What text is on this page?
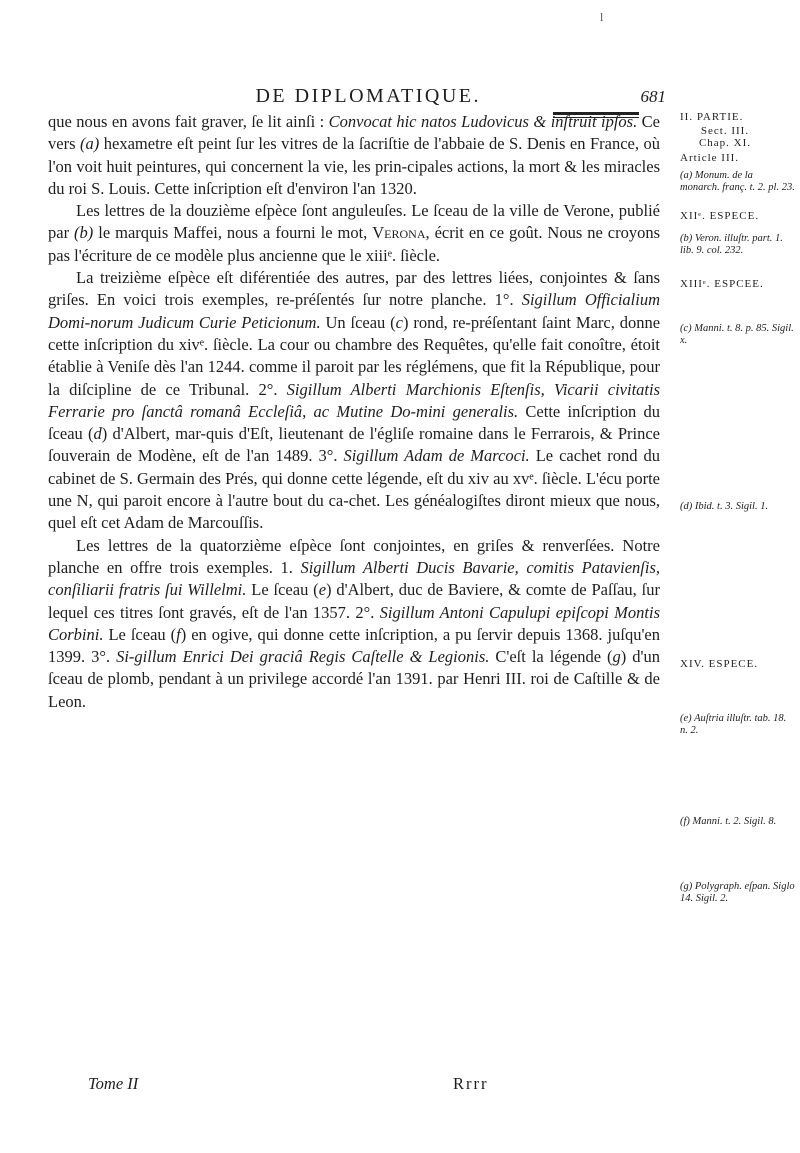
l
DE DIPLOMATIQUE.	681

que nous en avons fait graver, ſe lit ainſi : Convocat hic natos Ludovicus & inſtruit ipſos. Ce vers (a) hexametre eſt peint ſur les vitres de la ſacriſtie de l'abbaie de S. Denis en France, où l'on voit huit peintures, qui concernent la vie, les prin-cipales actions, la mort & les miracles du roi S. Louis. Cette inſcription eſt d'environ l'an 1320.

Les lettres de la douzième eſpèce ſont anguleuſes. Le ſceau de la ville de Verone, publié par (b) le marquis Maffei, nous a fourni le mot, Verona, écrit en ce goût. Nous ne croyons pas l'écriture de ce modèle plus ancienne que le xiiiᵉ. ſiècle.

La treizième eſpèce eſt diférentiée des autres, par des lettres liées, conjointes & ſans griſes. En voici trois exemples, re-préſentés ſur notre planche. 1°. Sigillum Officialium Domi-norum Judicum Curie Peticionum. Un ſceau (c) rond, re-préſentant ſaint Marc, donne cette inſcription du xivᵉ. ſiècle. La cour ou chambre des Requêtes, qu'elle fait conoître, étoit établie à Veniſe dès l'an 1244. comme il paroit par les réglémens, que fit la République, pour la diſcipline de ce Tribunal. 2°. Sigillum Alberti Marchionis Eſtenſis, Vicarii civitatis Ferrarie pro ſanctâ romanâ Eccleſiâ, ac Mutine Do-mini generalis. Cette inſcription du ſceau (d) d'Albert, mar-quis d'Eſt, lieutenant de l'égliſe romaine dans le Ferrarois, & Prince ſouverain de Modène, eſt de l'an 1489. 3°. Sigillum Adam de Marcoci. Le cachet rond du cabinet de S. Germain des Prés, qui donne cette légende, eſt du xiv au xvᵉ. ſiècle. L'écu porte une N, qui paroit encore à l'autre bout du ca-chet. Les généalogiſtes diront mieux que nous, quel eſt cet Adam de Marcouſſis.

Les lettres de la quatorzième eſpèce ſont conjointes, en griſes & renverſées. Notre planche en offre trois exemples. 1. Sigillum Alberti Ducis Bavarie, comitis Patavienſis, conſiliarii fratris ſui Willelmi. Le ſceau (e) d'Albert, duc de Baviere, & comte de Paſſau, ſur lequel ces titres ſont gravés, eſt de l'an 1357. 2°. Sigillum Antoni Capulupi epiſcopi Montis Corbini. Le ſceau (f) en ogive, qui donne cette inſcription, a pu ſervir depuis 1368. juſqu'en 1399. 3°. Si-gillum Enrici Dei graciâ Regis Caſtelle & Legionis. C'eſt la légende (g) d'un ſceau de plomb, pendant à un privilege accordé l'an 1391. par Henri III. roi de Caſtille & de Leon.

Tome II	Rrrr
II. PARTIE.
Sect. III.
Chap. XI.
Article III.
(a) Monum. de la monarch. franç. t. 2. pl. 23.
XIIᵉ. ESPECE.
(b) Veron. illuſtr. part. 1. lib. 9. col. 232.
XIIIᵉ. ESPCEE.
(c) Manni. t. 8. p. 85. Sigil. x.
(d) Ibid. t. 3. Sigil. 1.
XIV. ESPECE.
(e) Auſtria illuſtr. tab. 18. n. 2.
(f) Manni. t. 2. Sigil. 8.
(g) Polygraph. eſpan. Siglo 14. Sigil. 2.
